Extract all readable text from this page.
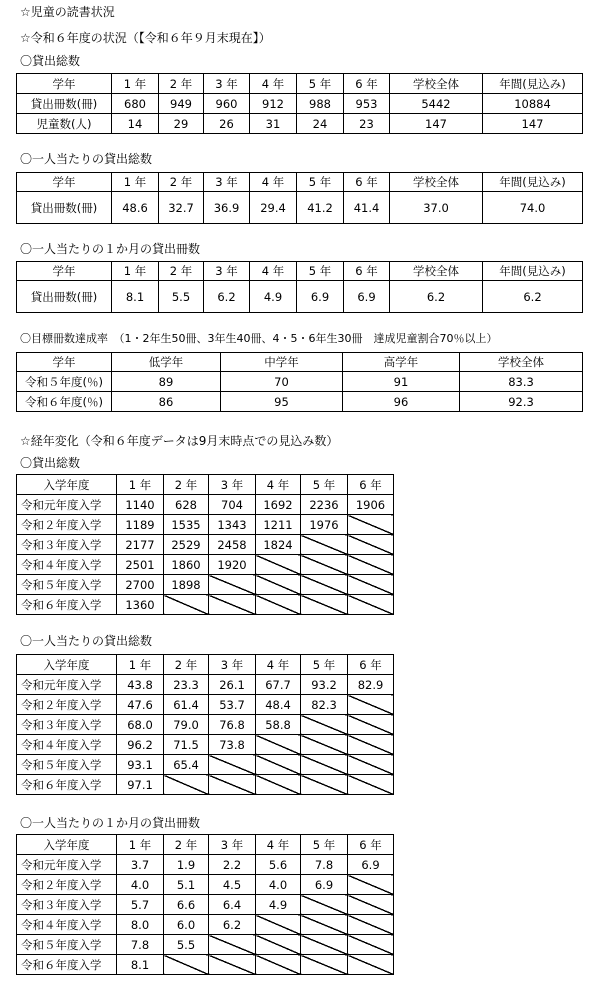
☆児童の読書状況
☆令和６年度の状況（【令和６年９月末現在】）
〇貸出総数
学年	1 年	2 年	3 年	4 年	5 年	6 年	学校全体	年間(見込み)
貸出冊数(冊)	680	949	960	912	988	953	5442	10884
児童数(人)	14	29	26	31	24	23	147	147
〇一人当たりの貸出総数
学年	1 年	2 年	3 年	4 年	5 年	6 年	学校全体	年間(見込み)
貸出冊数(冊)	48.6	32.7	36.9	29.4	41.2	41.4	37.0	74.0
〇一人当たりの１か月の貸出冊数
学年	1 年	2 年	3 年	4 年	5 年	6 年	学校全体	年間(見込み)
貸出冊数(冊)	8.1	5.5	6.2	4.9	6.9	6.9	6.2	6.2
〇目標冊数達成率　（1・2年生50冊、3年生40冊、4・5・6年生30冊　達成児童割合70％以上）
学年	低学年	中学年	高学年	学校全体
令和５年度(％)	89	70	91	83.3
令和６年度(％)	86	95	96	92.3
☆経年変化（令和６年度データは9月末時点での見込み数）
〇貸出総数
入学年度	1 年	2 年	3 年	4 年	5 年	6 年
令和元年度入学	1140	628	704	1692	2236	1906
令和２年度入学	1189	1535	1343	1211	1976	
令和３年度入学	2177	2529	2458	1824		
令和４年度入学	2501	1860	1920			
令和５年度入学	2700	1898				
令和６年度入学	1360					
〇一人当たりの貸出総数
入学年度	1 年	2 年	3 年	4 年	5 年	6 年
令和元年度入学	43.8	23.3	26.1	67.7	93.2	82.9
令和２年度入学	47.6	61.4	53.7	48.4	82.3	
令和３年度入学	68.0	79.0	76.8	58.8		
令和４年度入学	96.2	71.5	73.8			
令和５年度入学	93.1	65.4				
令和６年度入学	97.1					
〇一人当たりの１か月の貸出冊数
入学年度	1 年	2 年	3 年	4 年	5 年	6 年
令和元年度入学	3.7	1.9	2.2	5.6	7.8	6.9
令和２年度入学	4.0	5.1	4.5	4.0	6.9	
令和３年度入学	5.7	6.6	6.4	4.9		
令和４年度入学	8.0	6.0	6.2			
令和５年度入学	7.8	5.5				
令和６年度入学	8.1					
